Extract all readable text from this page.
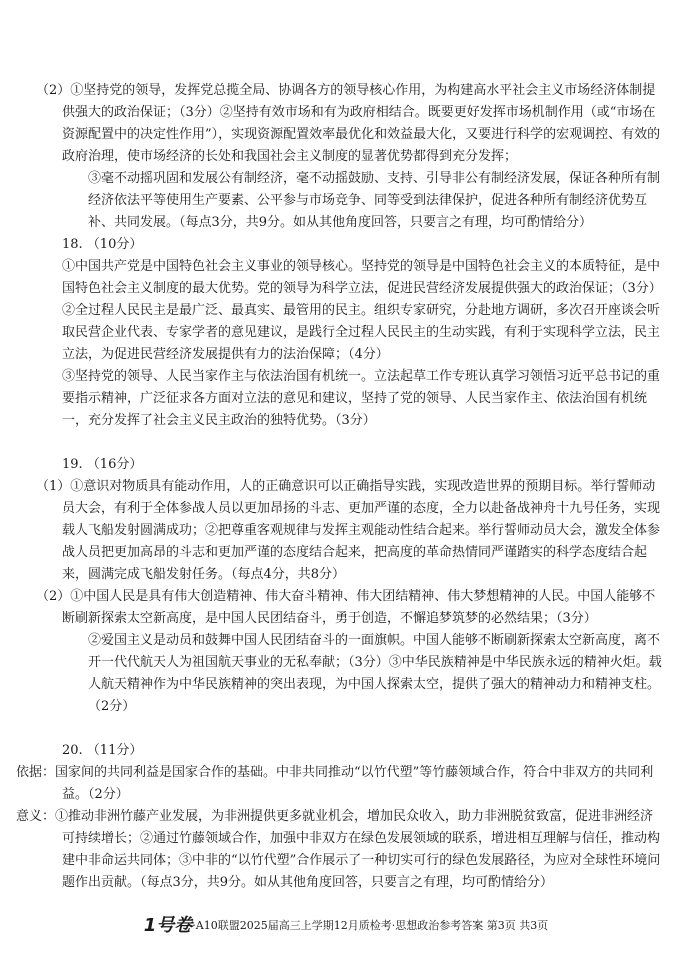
（2）①坚持党的领导，发挥党总揽全局、协调各方的领导核心作用，为构建高水平社会主义市场经济体制提供强大的政治保证；（3分）②坚持有效市场和有为政府相结合。既要更好发挥市场机制作用（或“市场在资源配置中的决定性作用”），实现资源配置效率最优化和效益最大化，又要进行科学的宏观调控、有效的政府治理，使市场经济的长处和我国社会主义制度的显著优势都得到充分发挥；

③毫不动摇巩固和发展公有制经济，毫不动摇鼓励、支持、引导非公有制经济发展，保证各种所有制经济依法平等使用生产要素、公平参与市场竞争、同等受到法律保护，促进各种所有制经济优势互补、共同发展。（每点3分，共9分。如从其他角度回答，只要言之有理，均可酌情给分）

18. （10分）

①中国共产党是中国特色社会主义事业的领导核心。坚持党的领导是中国特色社会主义的本质特征，是中国特色社会主义制度的最大优势。党的领导为科学立法，促进民营经济发展提供强大的政治保证；（3分）

②全过程人民民主是最广泛、最真实、最管用的民主。组织专家研究，分赴地方调研，多次召开座谈会听取民营企业代表、专家学者的意见建议，是践行全过程人民民主的生动实践，有利于实现科学立法，民主立法，为促进民营经济发展提供有力的法治保障；（4分）

③坚持党的领导、人民当家作主与依法治国有机统一。立法起草工作专班认真学习领悟习近平总书记的重要指示精神，广泛征求各方面对立法的意见和建议，坚持了党的领导、人民当家作主、依法治国有机统一，充分发挥了社会主义民主政治的独特优势。（3分）

19. （16分）

（1）①意识对物质具有能动作用，人的正确意识可以正确指导实践，实现改造世界的预期目标。举行誓师动员大会，有利于全体参战人员以更加昂扬的斗志、更加严谨的态度，全力以赴备战神舟十九号任务，实现载人飞船发射圆满成功；②把尊重客观规律与发挥主观能动性结合起来。举行誓师动员大会，激发全体参战人员把更加高昂的斗志和更加严谨的态度结合起来，把高度的革命热情同严谨踏实的科学态度结合起来，圆满完成飞船发射任务。（每点4分，共8分）

（2）①中国人民是具有伟大创造精神、伟大奋斗精神、伟大团结精神、伟大梦想精神的人民。中国人能够不断刷新探索太空新高度，是中国人民团结奋斗，勇于创造，不懈追梦筑梦的必然结果；（3分）

②爱国主义是动员和鼓舞中国人民团结奋斗的一面旗帜。中国人能够不断刷新探索太空新高度，离不开一代代航天人为祖国航天事业的无私奉献；（3分）③中华民族精神是中华民族永远的精神火炬。载人航天精神作为中华民族精神的突出表现，为中国人探索太空，提供了强大的精神动力和精神支柱。（2分）

20. （11分）

依据：国家间的共同利益是国家合作的基础。中非共同推动“以竹代塑”等竹藤领域合作，符合中非双方的共同利益。（2分）

意义：①推动非洲竹藤产业发展，为非洲提供更多就业机会，增加民众收入，助力非洲脱贫致富，促进非洲经济可持续增长；②通过竹藤领域合作，加强中非双方在绿色发展领域的联系，增进相互理解与信任，推动构建中非命运共同体；③中非的“以竹代塑”合作展示了一种切实可行的绿色发展路径，为应对全球性环境问题作出贡献。（每点3分，共9分。如从其他角度回答，只要言之有理，均可酌情给分）

1号卷·A10联盟2025届高三上学期12月质检考·思想政治参考答案 第3页 共3页
